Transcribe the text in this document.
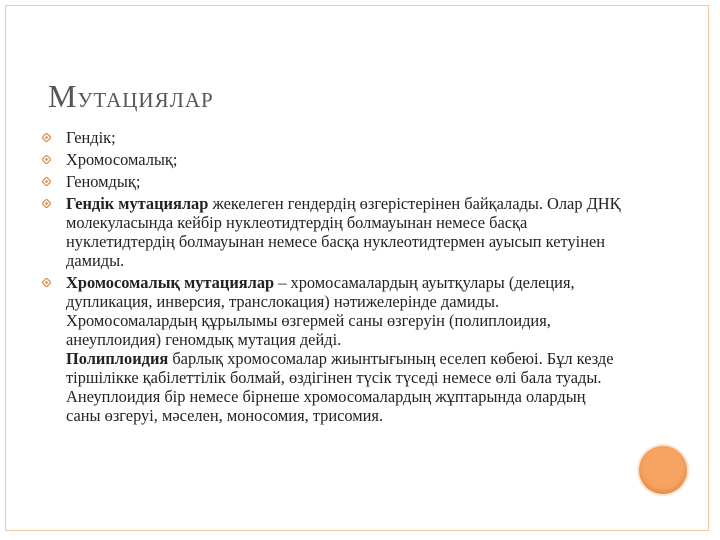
МУТАЦИЯЛАР
Гендік;
Хромосомалық;
Геномдық;
Гендік мутациялар жекелеген гендердің өзгерістерінен байқалады. Олар ДНҚ молекуласында кейбір нуклеотидтердің болмауынан немесе басқа нуклетидтердің болмауынан немесе басқа нуклеотидтермен ауысып кетуінен дамиды.
Хромосомалық мутациялар – хромосамалардың ауытқулары (делеция, дупликация, инверсия, транслокация) нәтижелерінде дамиды. Хромосомалардың құрылымы өзгермей саны өзгеруін (полиплоидия, анеуплоидия) геномдық мутация дейді.
Полиплоидия барлық хромосомалар жиынтығының еселеп көбеюі. Бұл кезде тіршілікке қабілеттілік болмай, өздігінен түсік түседі немесе өлі бала туады. Анеуплоидия бір немесе бірнеше хромосомалардың жұптарында олардың саны өзгеруі, мәселен, моносомия, трисомия.
